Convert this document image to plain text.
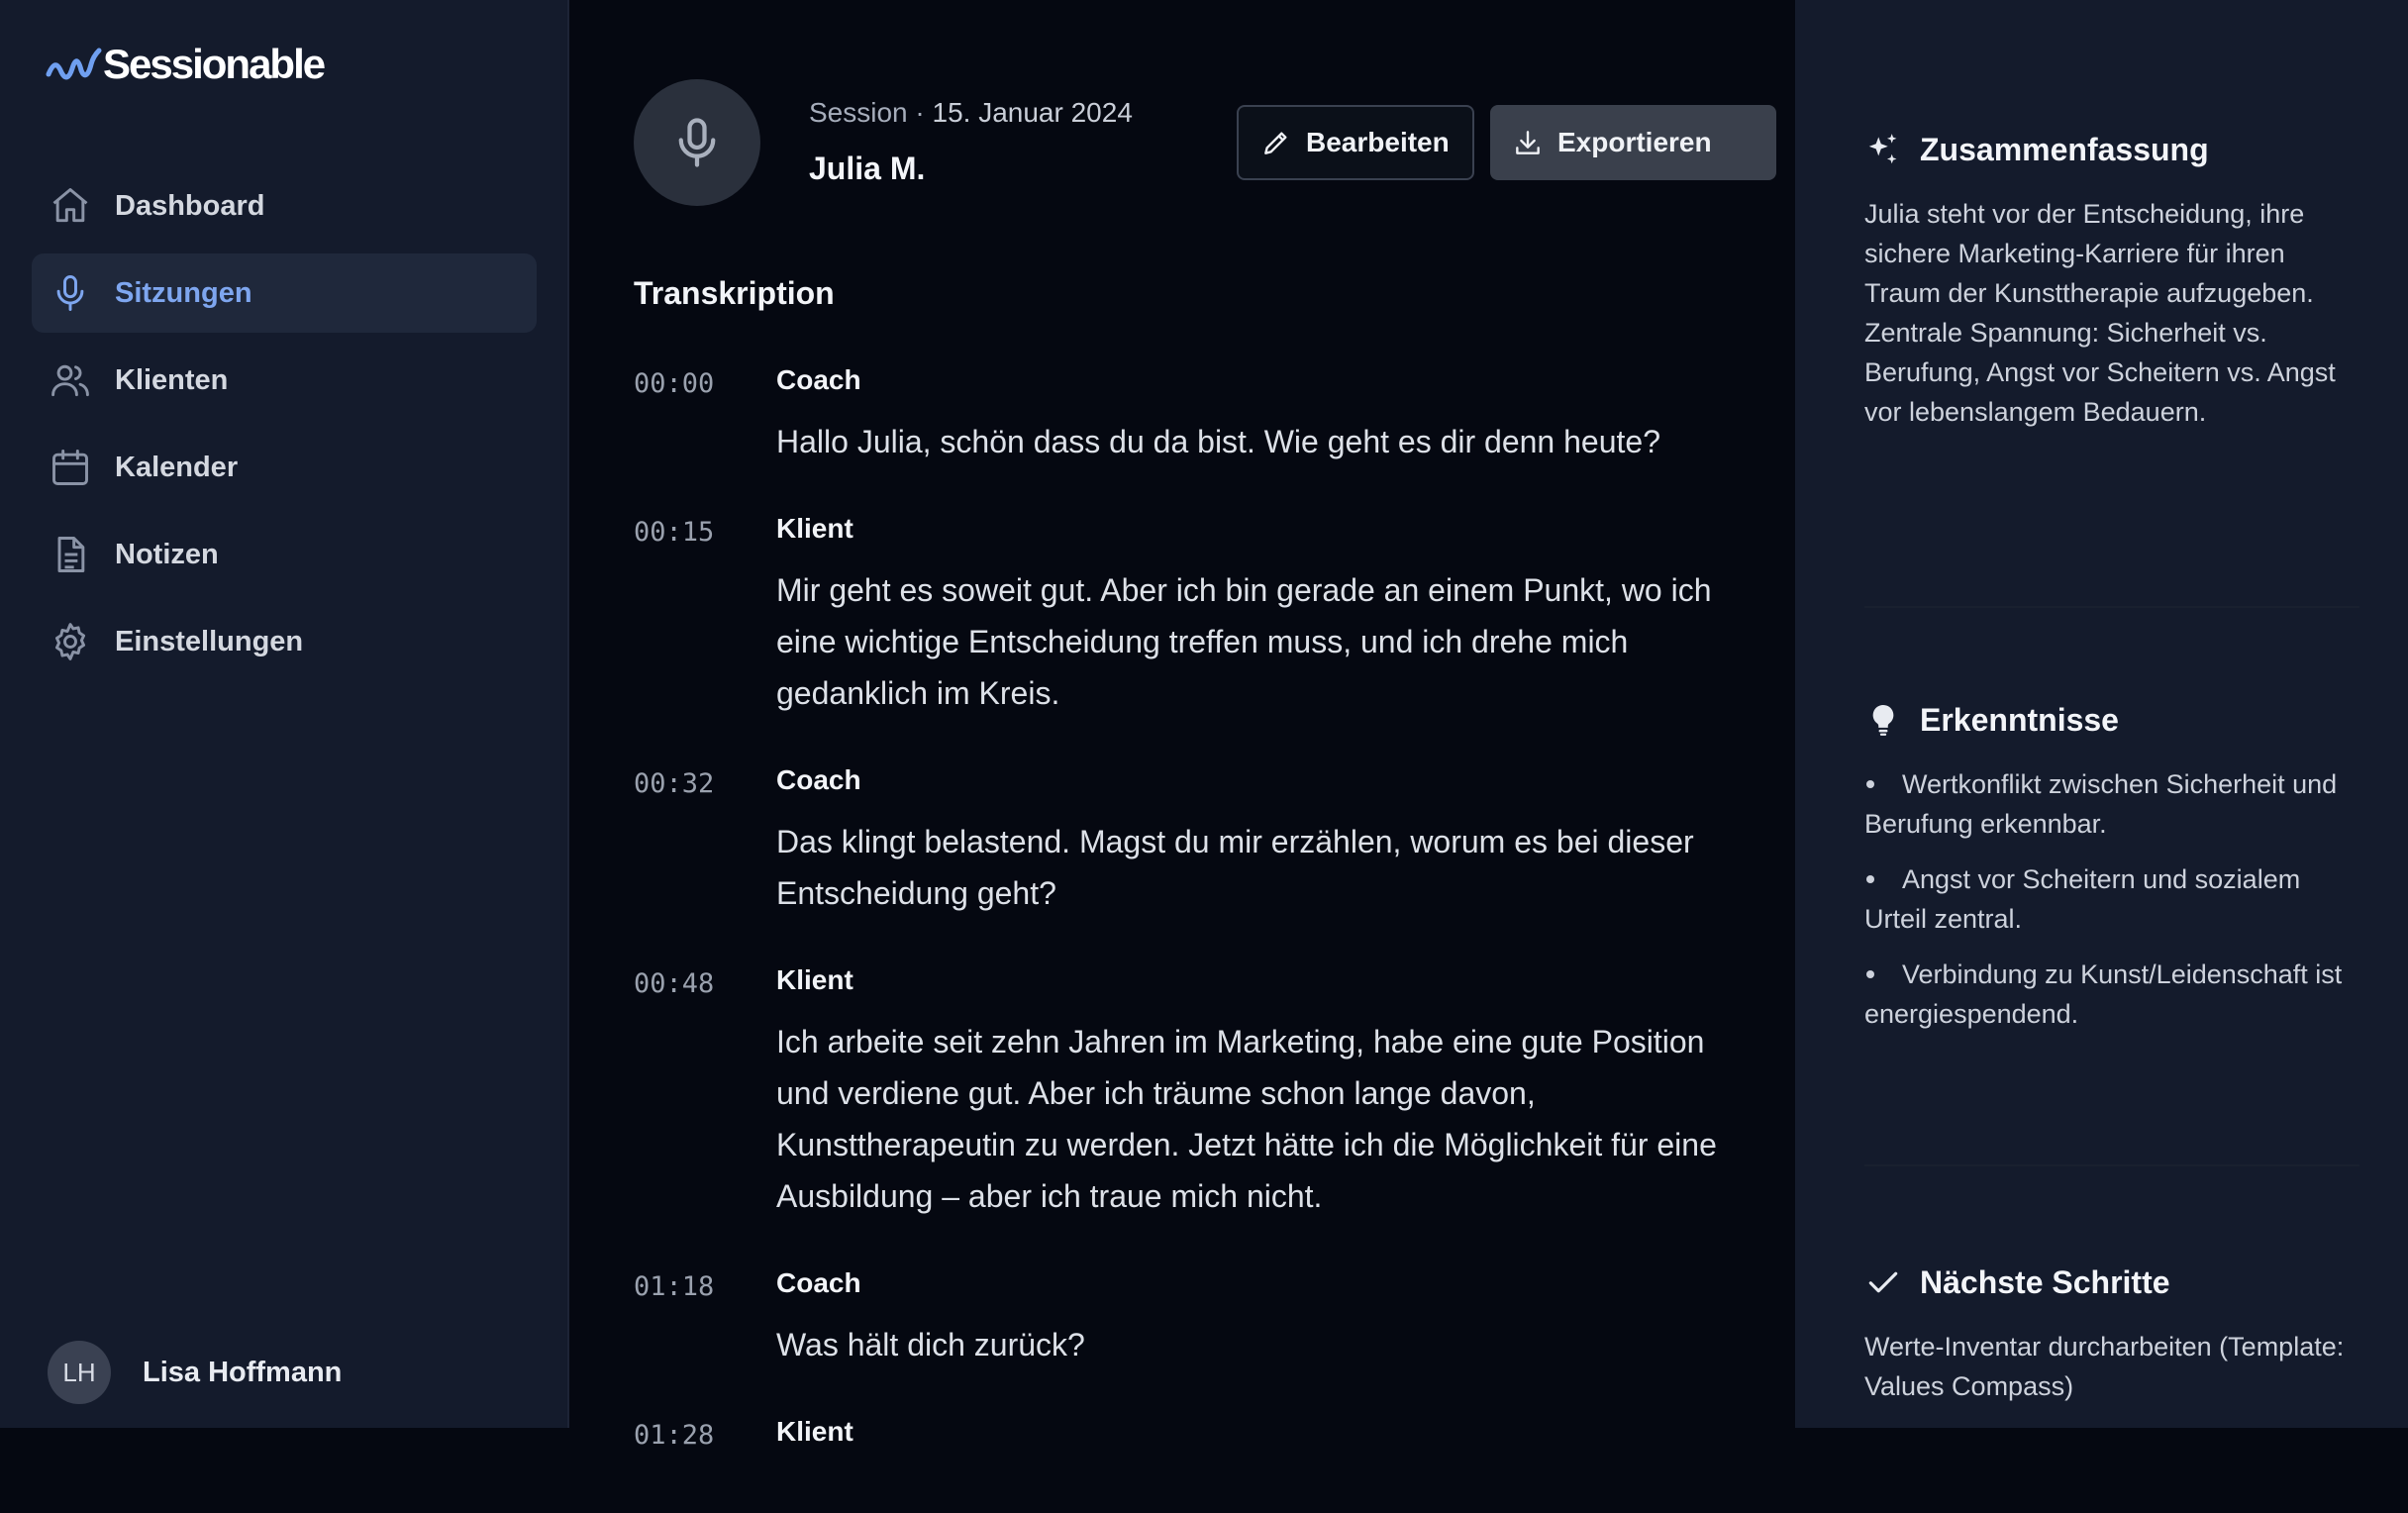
Sessionable
Dashboard
Sitzungen
Klienten
Kalender
Notizen
Einstellungen
LH	Lisa Hoffmann
Session · 15. Januar 2024
Julia M.
Bearbeiten	Exportieren
Transkription
00:00	Coach
Hallo Julia, schön dass du da bist. Wie geht es dir denn heute?
00:15	Klient
Mir geht es soweit gut. Aber ich bin gerade an einem Punkt, wo ich eine wichtige Entscheidung treffen muss, und ich drehe mich gedanklich im Kreis.
00:32	Coach
Das klingt belastend. Magst du mir erzählen, worum es bei dieser Entscheidung geht?
00:48	Klient
Ich arbeite seit zehn Jahren im Marketing, habe eine gute Position und verdiene gut. Aber ich träume schon lange davon, Kunsttherapeutin zu werden. Jetzt hätte ich die Möglichkeit für eine Ausbildung – aber ich traue mich nicht.
01:18	Coach
Was hält dich zurück?
01:28	Klient
Zusammenfassung
Julia steht vor der Entscheidung, ihre sichere Marketing-Karriere für ihren Traum der Kunsttherapie aufzugeben. Zentrale Spannung: Sicherheit vs. Berufung, Angst vor Scheitern vs. Angst vor lebenslangem Bedauern.
Erkenntnisse
Wertkonflikt zwischen Sicherheit und Berufung erkennbar.
Angst vor Scheitern und sozialem Urteil zentral.
Verbindung zu Kunst/Leidenschaft ist energiespendend.
Nächste Schritte
Werte-Inventar durcharbeiten (Template: Values Compass)
